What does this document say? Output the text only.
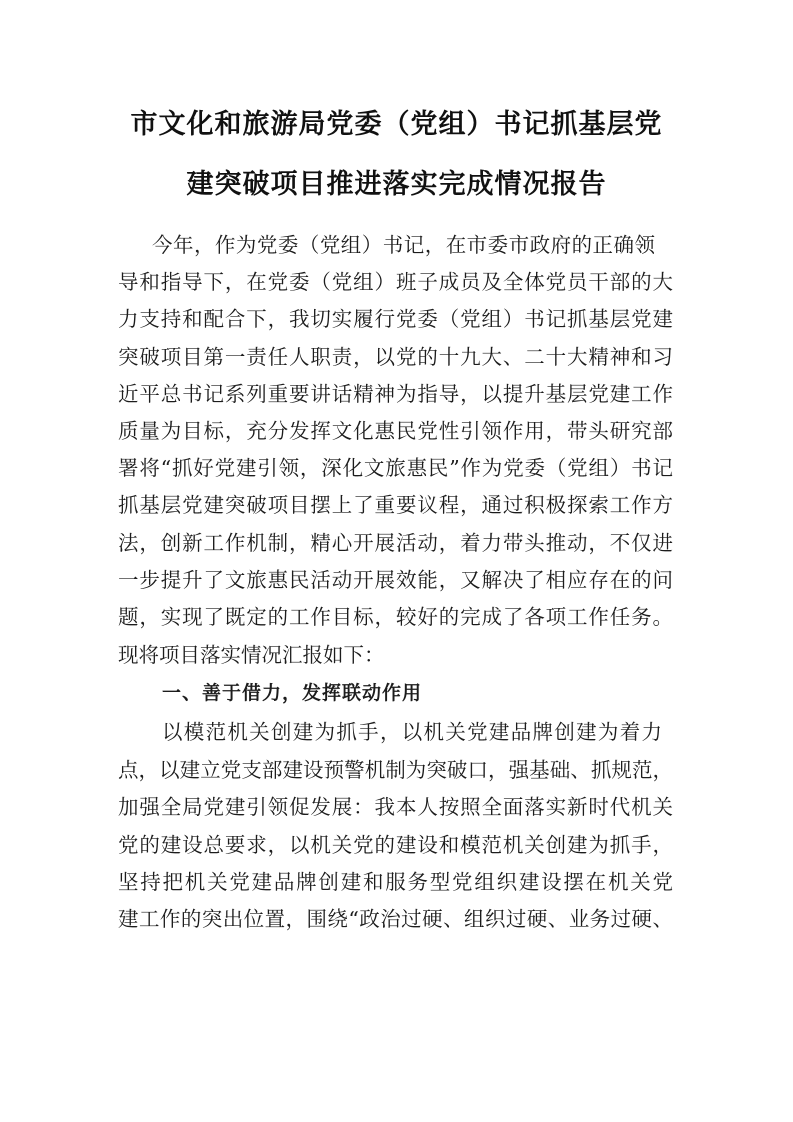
市文化和旅游局党委（党组）书记抓基层党
建突破项目推进落实完成情况报告
今年，作为党委（党组）书记，在市委市政府的正确领
导和指导下，在党委（党组）班子成员及全体党员干部的大
力支持和配合下，我切实履行党委（党组）书记抓基层党建
突破项目第一责任人职责，以党的十九大、二十大精神和习
近平总书记系列重要讲话精神为指导，以提升基层党建工作
质量为目标，充分发挥文化惠民党性引领作用，带头研究部
署将“抓好党建引领，深化文旅惠民”作为党委（党组）书记
抓基层党建突破项目摆上了重要议程，通过积极探索工作方
法，创新工作机制，精心开展活动，着力带头推动，不仅进
一步提升了文旅惠民活动开展效能，又解决了相应存在的问
题，实现了既定的工作目标，较好的完成了各项工作任务。
现将项目落实情况汇报如下：
一、善于借力，发挥联动作用
以模范机关创建为抓手，以机关党建品牌创建为着力
点，以建立党支部建设预警机制为突破口，强基础、抓规范，
加强全局党建引领促发展：我本人按照全面落实新时代机关
党的建设总要求，以机关党的建设和模范机关创建为抓手，
坚持把机关党建品牌创建和服务型党组织建设摆在机关党
建工作的突出位置，围绕“政治过硬、组织过硬、业务过硬、
